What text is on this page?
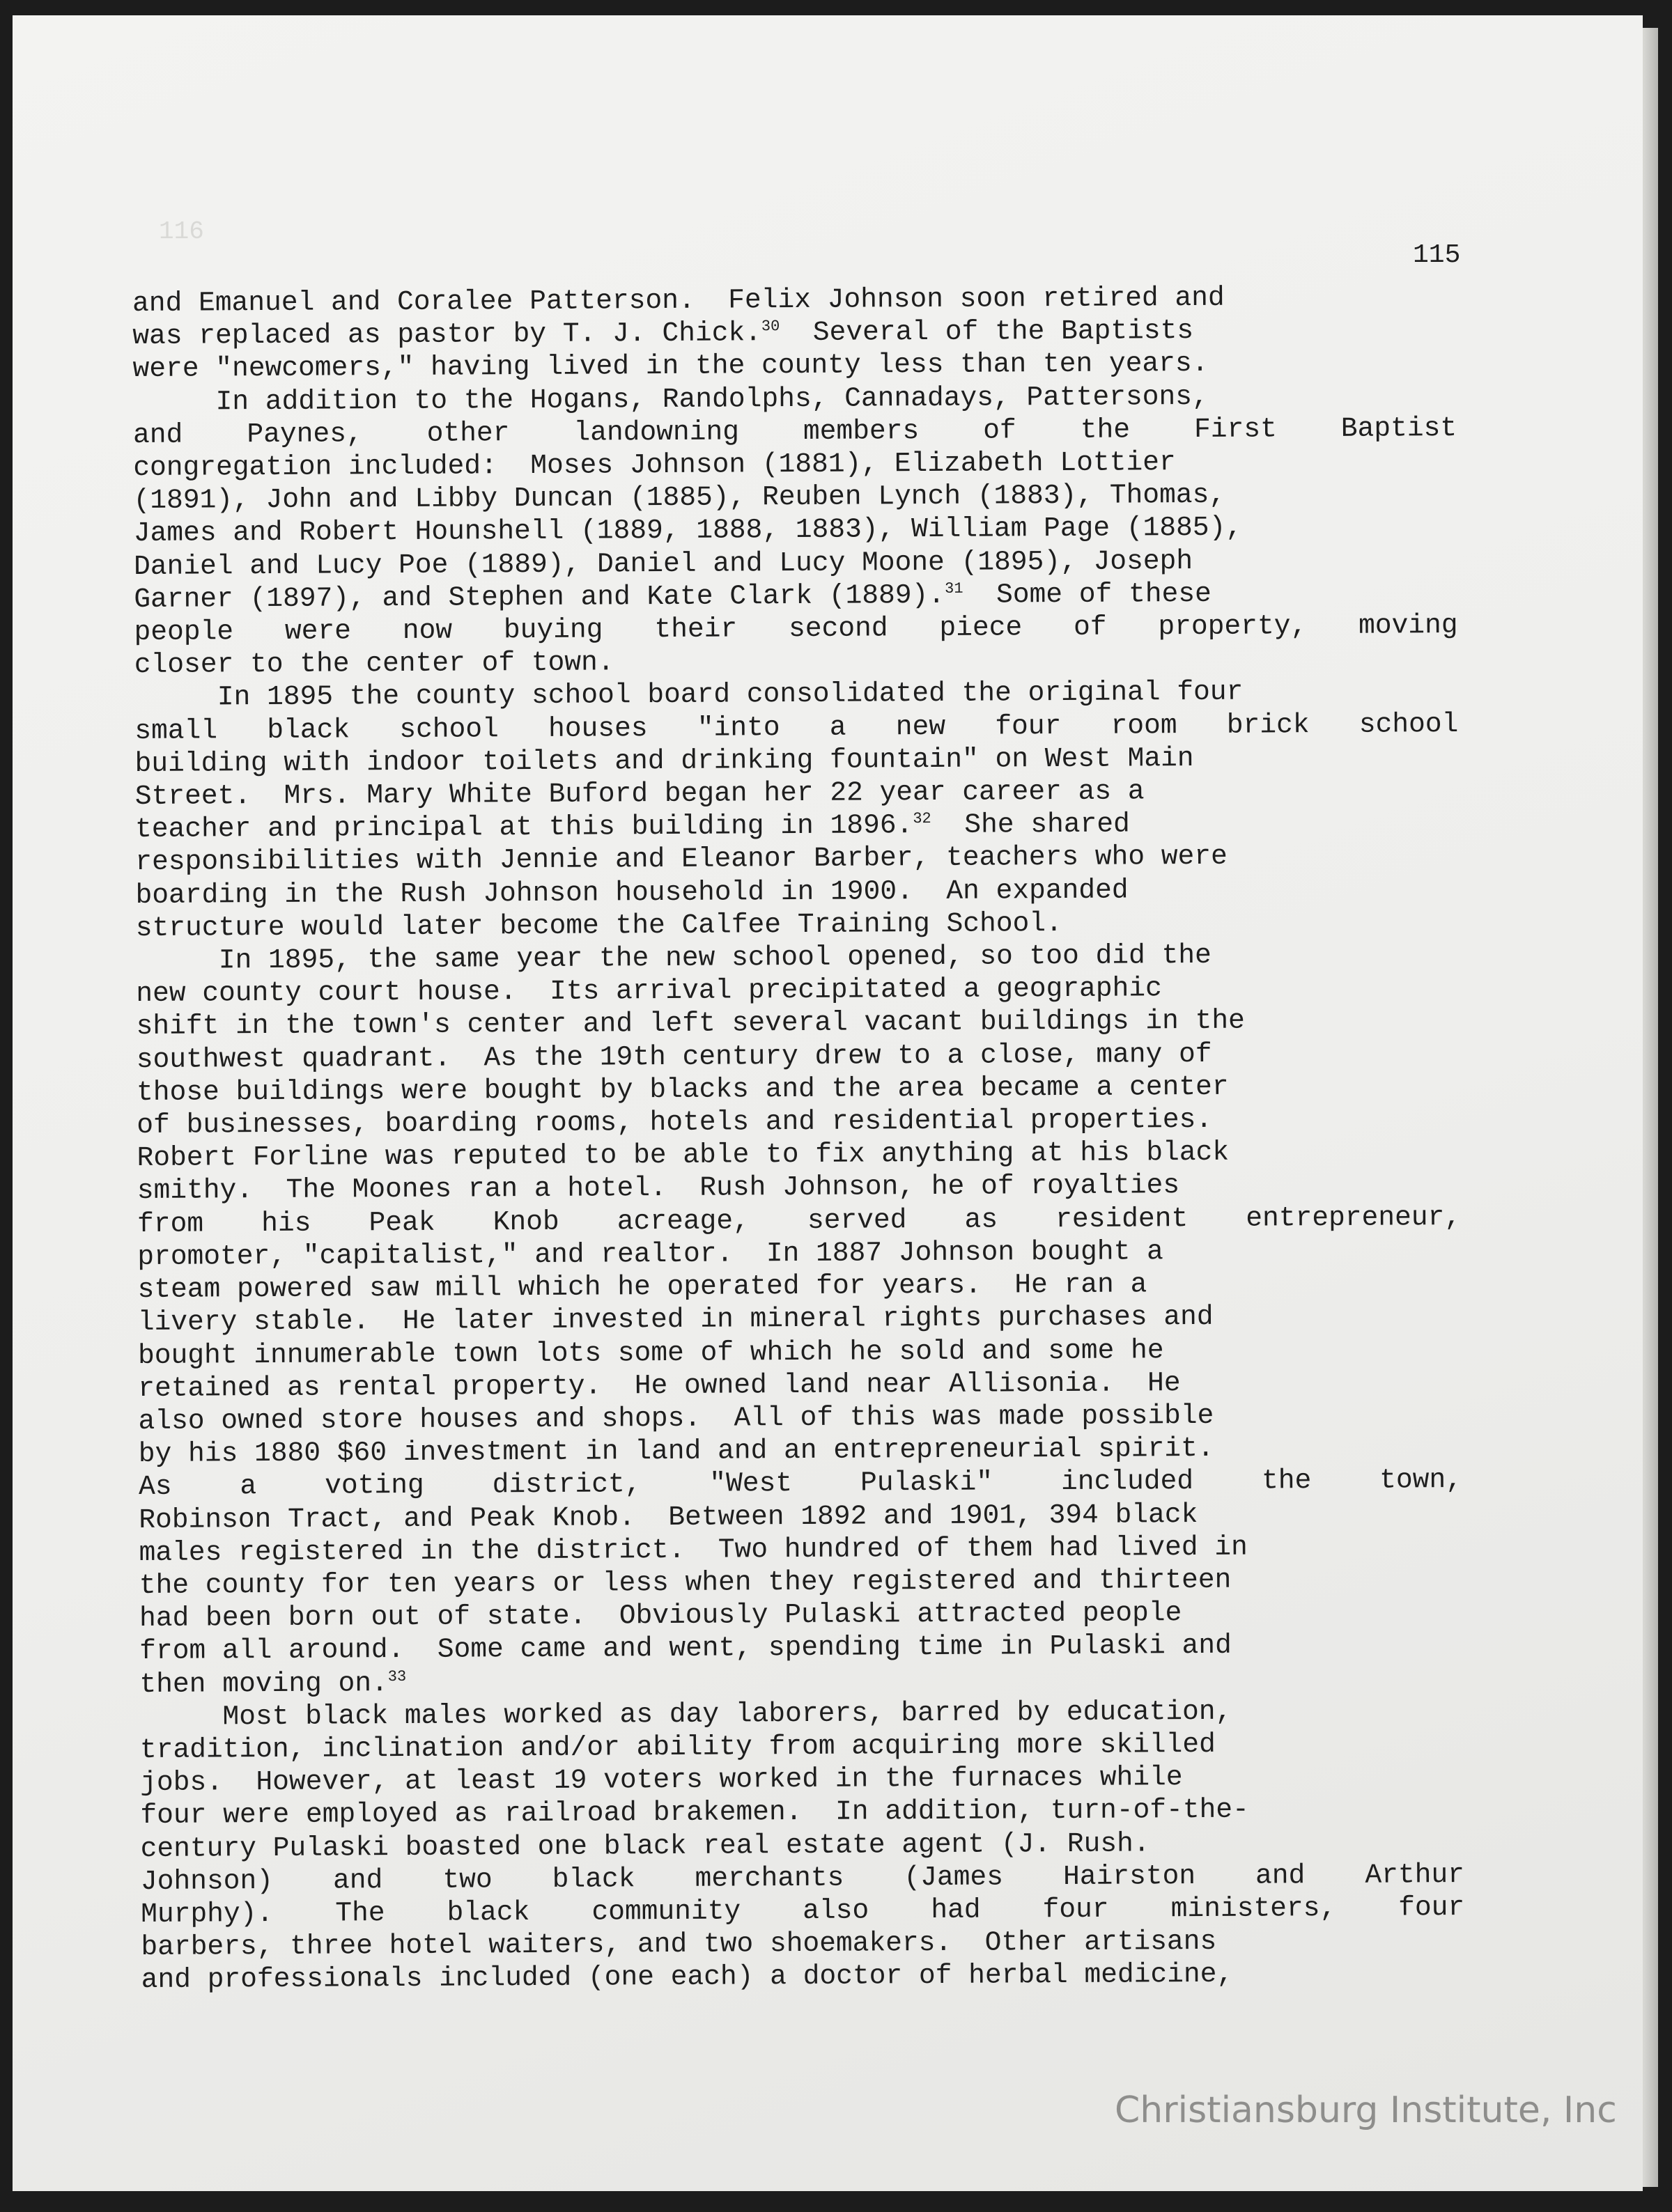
116
115
and Emanuel and Coralee Patterson.  Felix Johnson soon retired and
was replaced as pastor by T. J. Chick.$^{30}$ Several of the Baptists
were "newcomers," having lived in the county less than ten years.
In addition to the Hogans, Randolphs, Cannadays, Pattersons,
and Paynes, other landowning members of the First Baptist
congregation included:  Moses Johnson (1881), Elizabeth Lottier
(1891), John and Libby Duncan (1885), Reuben Lynch (1883), Thomas,
James and Robert Hounshell (1889, 1888, 1883), William Page (1885),
Daniel and Lucy Poe (1889), Daniel and Lucy Moone (1895), Joseph
Garner (1897), and Stephen and Kate Clark (1889).$^{31}$ Some of these
people were now buying their second piece of property, moving
closer to the center of town.
In 1895 the county school board consolidated the original four
small black school houses "into a new four room brick school
building with indoor toilets and drinking fountain" on West Main
Street.  Mrs. Mary White Buford began her 22 year career as a
teacher and principal at this building in 1896.32 She shared
responsibilities with Jennie and Eleanor Barber, teachers who were
boarding in the Rush Johnson household in 1900.  An expanded
structure would later become the Calfee Training School.
In 1895, the same year the new school opened, so too did the
new county court house.  Its arrival precipitated a geographic
shift in the town's center and left several vacant buildings in the
southwest quadrant.  As the 19th century drew to a close, many of
those buildings were bought by blacks and the area became a center
of businesses, boarding rooms, hotels and residential properties.
Robert Forline was reputed to be able to fix anything at his black
smithy.  The Moones ran a hotel.  Rush Johnson, he of royalties
from his Peak Knob acreage, served as resident entrepreneur,
promoter, "capitalist," and realtor.  In 1887 Johnson bought a
steam powered saw mill which he operated for years.  He ran a
livery stable.  He later invested in mineral rights purchases and
bought innumerable town lots some of which he sold and some he
retained as rental property.  He owned land near Allisonia.  He
also owned store houses and shops.  All of this was made possible
by his 1880 $60 investment in land and an entrepreneurial spirit.
As a voting district, "West Pulaski" included the town,
Robinson Tract, and Peak Knob.  Between 1892 and 1901, 394 black
males registered in the district.  Two hundred of them had lived in
the county for ten years or less when they registered and thirteen
had been born out of state.  Obviously Pulaski attracted people
from all around.  Some came and went, spending time in Pulaski and
then moving on.$^{33}$
Most black males worked as day laborers, barred by education,
tradition, inclination and/or ability from acquiring more skilled
jobs.  However, at least 19 voters worked in the furnaces while
four were employed as railroad brakemen.  In addition, turn-of-the-
century Pulaski boasted one black real estate agent (J. Rush.
Johnson) and two black merchants (James Hairston and Arthur
Murphy). The black community also had four ministers, four
barbers, three hotel waiters, and two shoemakers.  Other artisans
and professionals included (one each) a doctor of herbal medicine,
Christiansburg Institute, Inc
